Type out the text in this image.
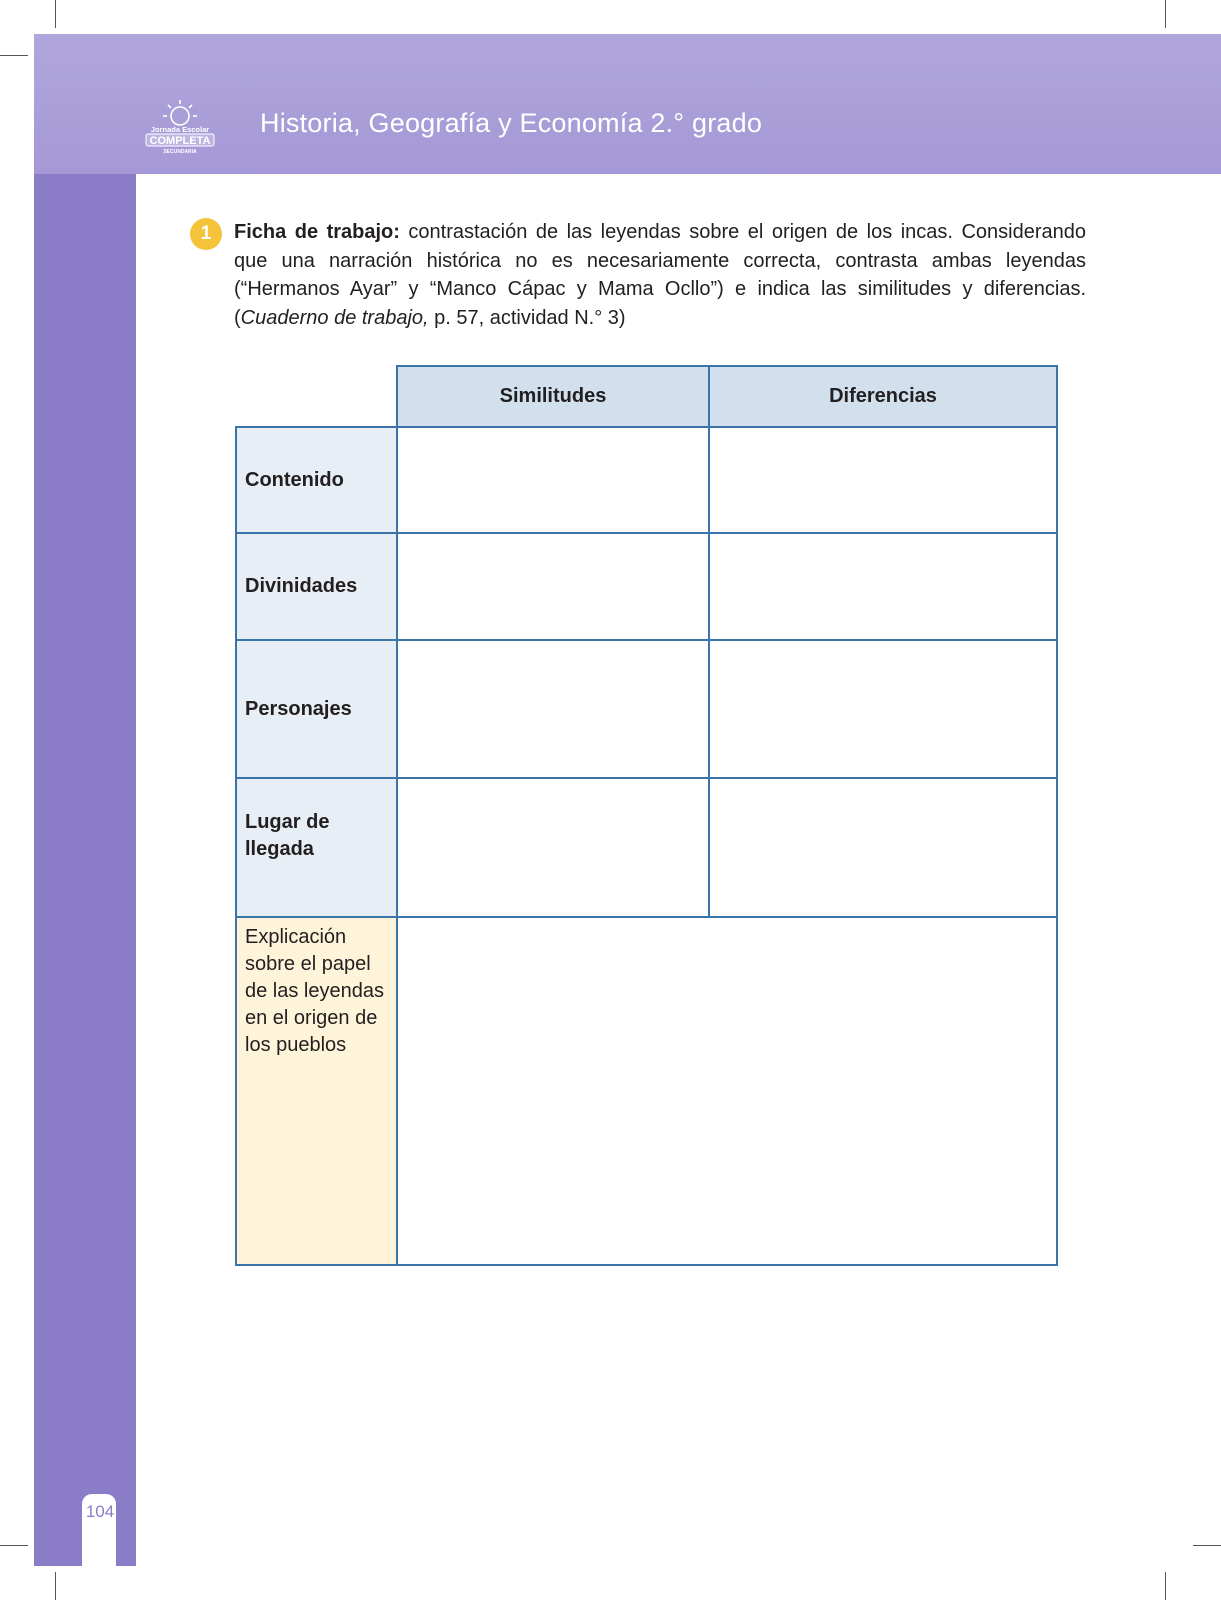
104
Jornada Escolar
COMPLETA
SECUNDARIA
Historia, Geografía y Economía 2.° grado
1	Ficha de trabajo: contrastación de las leyendas sobre el origen de los incas. Considerando que una narración histórica no es necesariamente correcta, contrasta ambas leyendas (“Hermanos Ayar” y “Manco Cápac y Mama Ocllo”) e indica las similitudes y diferencias. (Cuaderno de trabajo, p. 57, actividad N.° 3)
	Similitudes	Diferencias
Contenido		
Divinidades		
Personajes		
Lugar de llegada		
Explicación sobre el papel de las leyendas en el origen de los pueblos		
